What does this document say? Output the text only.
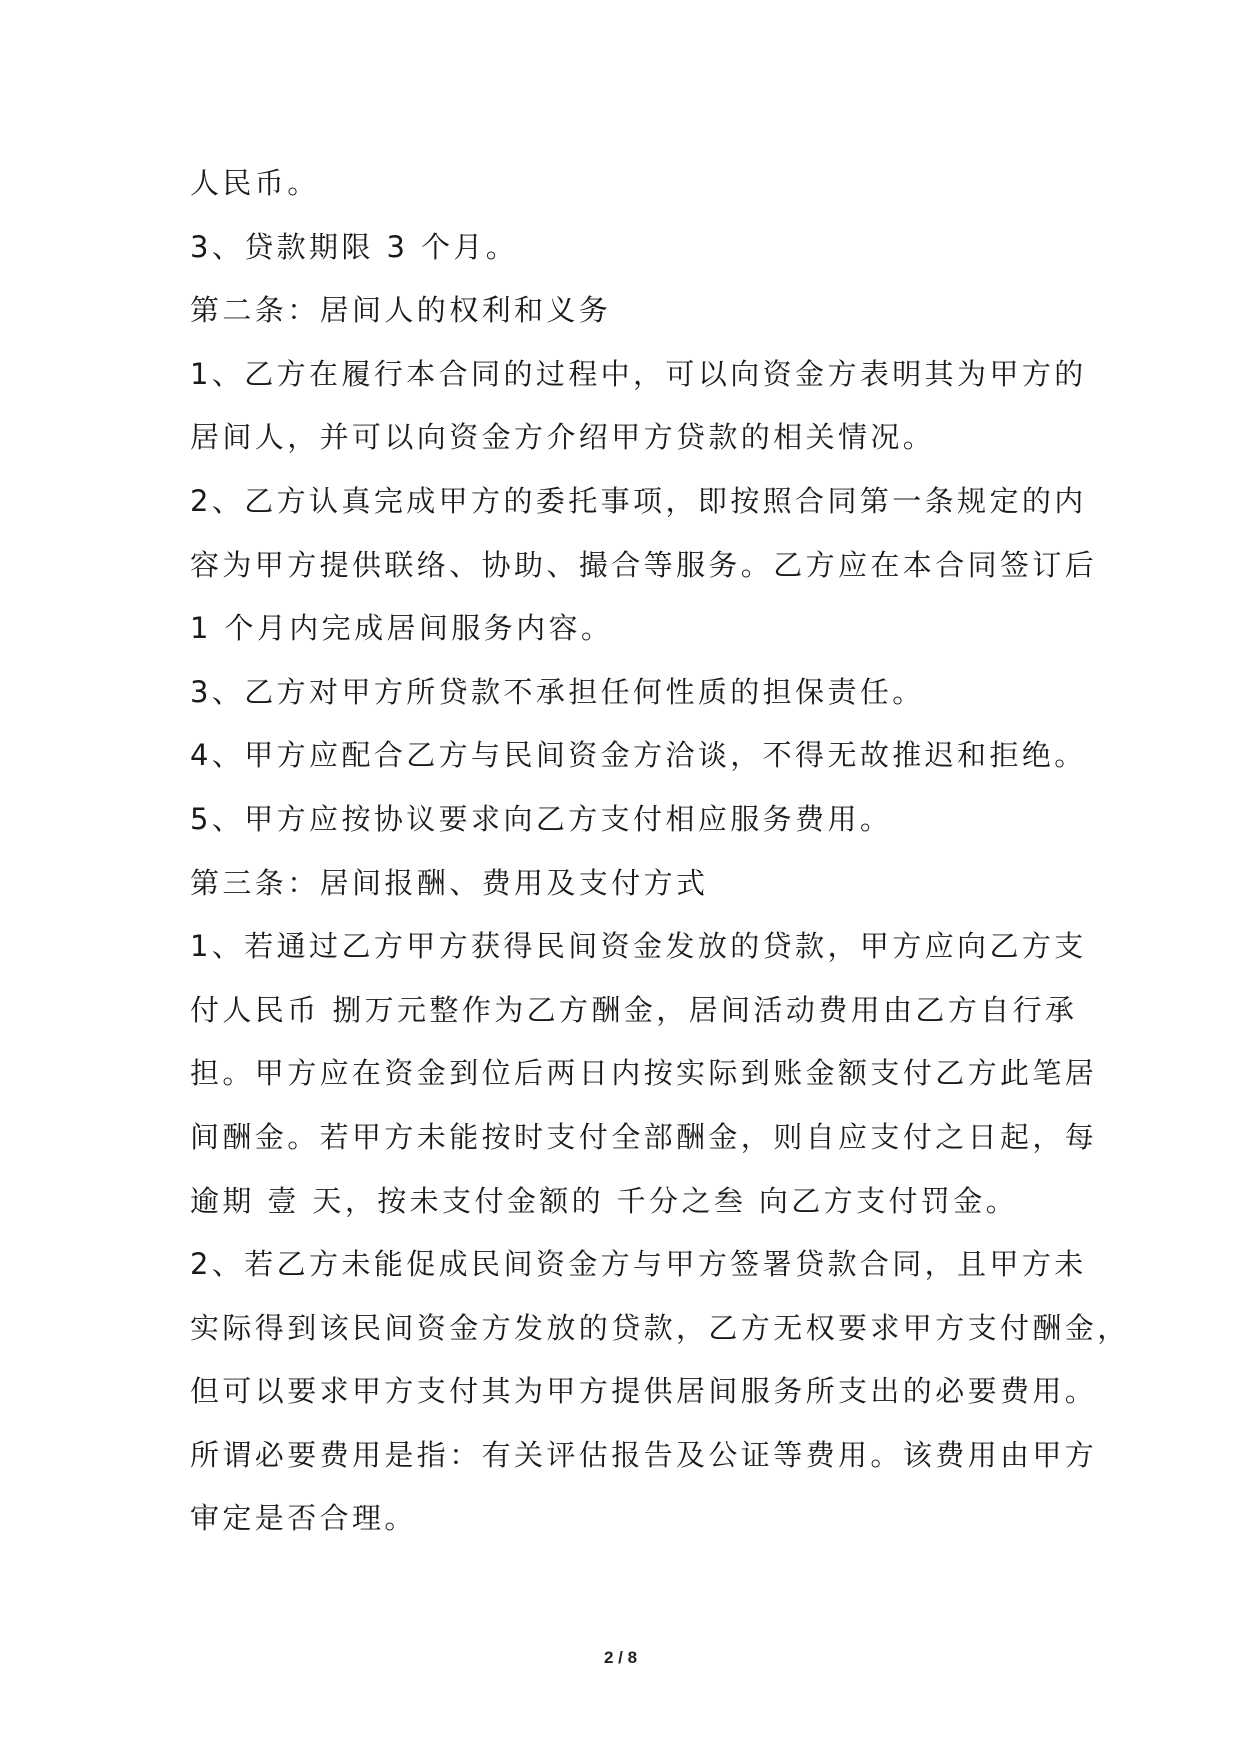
人民币。
3、贷款期限 3 个月。
第二条：居间人的权利和义务
1、乙方在履行本合同的过程中，可以向资金方表明其为甲方的
居间人，并可以向资金方介绍甲方贷款的相关情况。
2、乙方认真完成甲方的委托事项，即按照合同第一条规定的内
容为甲方提供联络、协助、撮合等服务。乙方应在本合同签订后
1 个月内完成居间服务内容。
3、乙方对甲方所贷款不承担任何性质的担保责任。
4、甲方应配合乙方与民间资金方洽谈，不得无故推迟和拒绝。
5、甲方应按协议要求向乙方支付相应服务费用。
第三条：居间报酬、费用及支付方式
1、若通过乙方甲方获得民间资金发放的贷款，甲方应向乙方支
付人民币 捌万元整作为乙方酬金，居间活动费用由乙方自行承
担。甲方应在资金到位后两日内按实际到账金额支付乙方此笔居
间酬金。若甲方未能按时支付全部酬金，则自应支付之日起，每
逾期 壹 天，按未支付金额的 千分之叁 向乙方支付罚金。
2、若乙方未能促成民间资金方与甲方签署贷款合同，且甲方未
实际得到该民间资金方发放的贷款，乙方无权要求甲方支付酬金，
但可以要求甲方支付其为甲方提供居间服务所支出的必要费用。
所谓必要费用是指：有关评估报告及公证等费用。该费用由甲方
审定是否合理。
2 / 8
